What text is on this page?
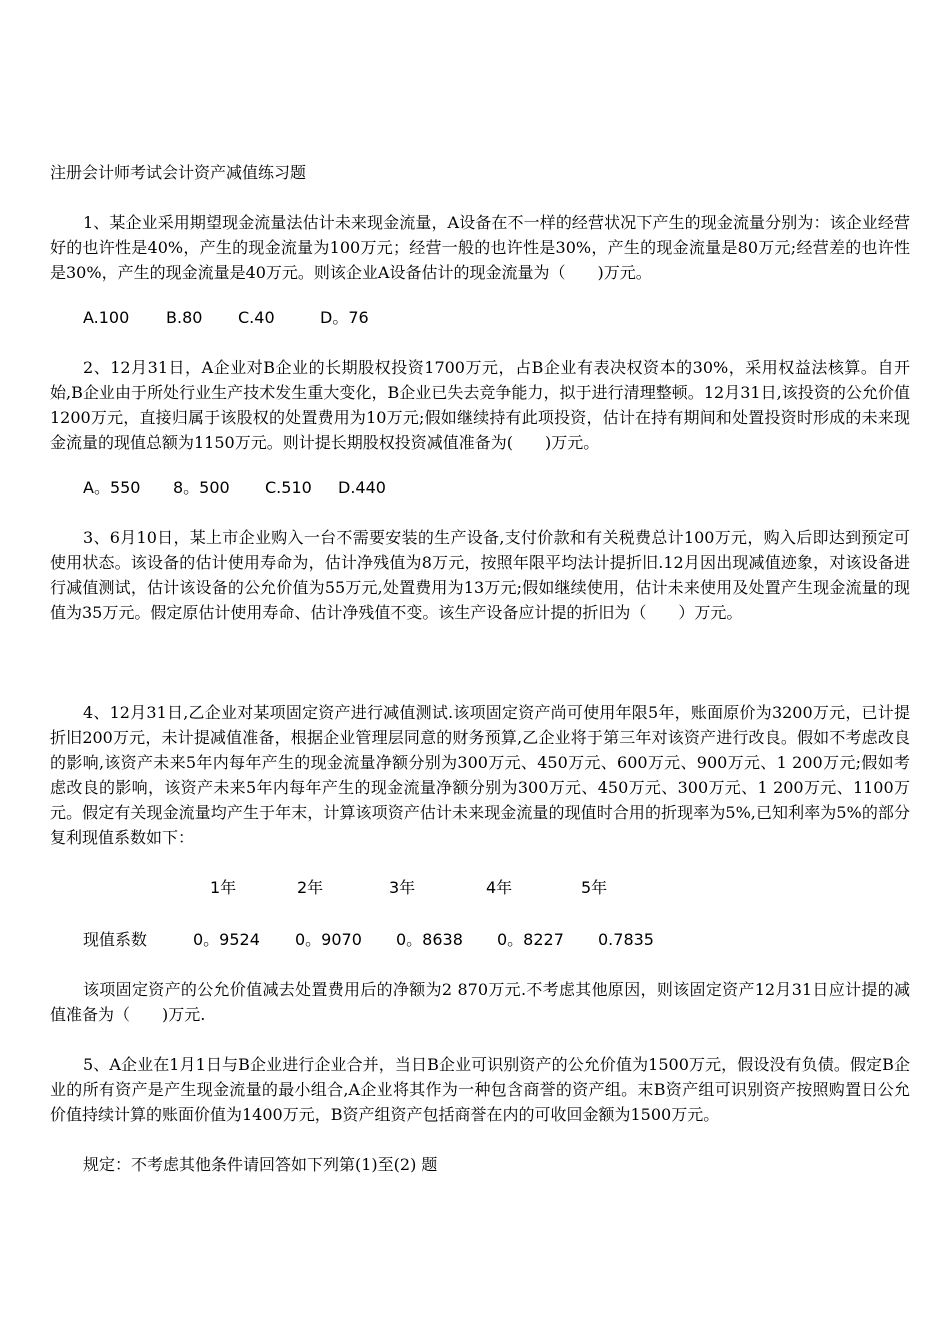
注册会计师考试会计资产减值练习题

1、某企业采用期望现金流量法估计未来现金流量，A设备在不一样的经营状况下产生的现金流量分别为：该企业经营好的也许性是40%，产生的现金流量为100万元；经营一般的也许性是30%，产生的现金流量是80万元;经营差的也许性是30%，产生的现金流量是40万元。则该企业A设备估计的现金流量为（　　)万元。

A.100	B.80	C.40	D。76

2、12月31日，A企业对B企业的长期股权投资1700万元，占B企业有表决权资本的30%，采用权益法核算。自开始,B企业由于所处行业生产技术发生重大变化，B企业已失去竞争能力，拟于进行清理整顿。12月31日,该投资的公允价值1200万元，直接归属于该股权的处置费用为10万元;假如继续持有此项投资，估计在持有期间和处置投资时形成的未来现金流量的现值总额为1150万元。则计提长期股权投资减值准备为(　　)万元。

A。550	8。500	C.510	D.440

3、6月10日，某上市企业购入一台不需要安装的生产设备,支付价款和有关税费总计100万元，购入后即达到预定可使用状态。该设备的估计使用寿命为，估计净残值为8万元，按照年限平均法计提折旧.12月因出现减值迹象，对该设备进行减值测试，估计该设备的公允价值为55万元,处置费用为13万元;假如继续使用，估计未来使用及处置产生现金流量的现值为35万元。假定原估计使用寿命、估计净残值不变。该生产设备应计提的折旧为（　　）万元。

4、12月31日,乙企业对某项固定资产进行减值测试.该项固定资产尚可使用年限5年，账面原价为3200万元，已计提折旧200万元，未计提减值准备，根据企业管理层同意的财务预算,乙企业将于第三年对该资产进行改良。假如不考虑改良的影响,该资产未来5年内每年产生的现金流量净额分别为300万元、450万元、600万元、900万元、1 200万元;假如考虑改良的影响，该资产未来5年内每年产生的现金流量净额分别为300万元、450万元、300万元、1 200万元、1100万元。假定有关现金流量均产生于年末，计算该项资产估计未来现金流量的现值时合用的折现率为5%,已知利率为5%的部分复利现值系数如下：

1年	2年	3年	4年	5年
现值系数	0。9524	0。9070	0。8638	0。8227	0.7835

该项固定资产的公允价值减去处置费用后的净额为2 870万元.不考虑其他原因，则该固定资产12月31日应计提的减值准备为（　　)万元.

5、A企业在1月1日与B企业进行企业合并，当日B企业可识别资产的公允价值为1500万元，假设没有负债。假定B企业的所有资产是产生现金流量的最小组合,A企业将其作为一种包含商誉的资产组。末B资产组可识别资产按照购置日公允价值持续计算的账面价值为1400万元，B资产组资产包括商誉在内的可收回金额为1500万元。

规定：不考虑其他条件请回答如下列第(1)至(2) 题
